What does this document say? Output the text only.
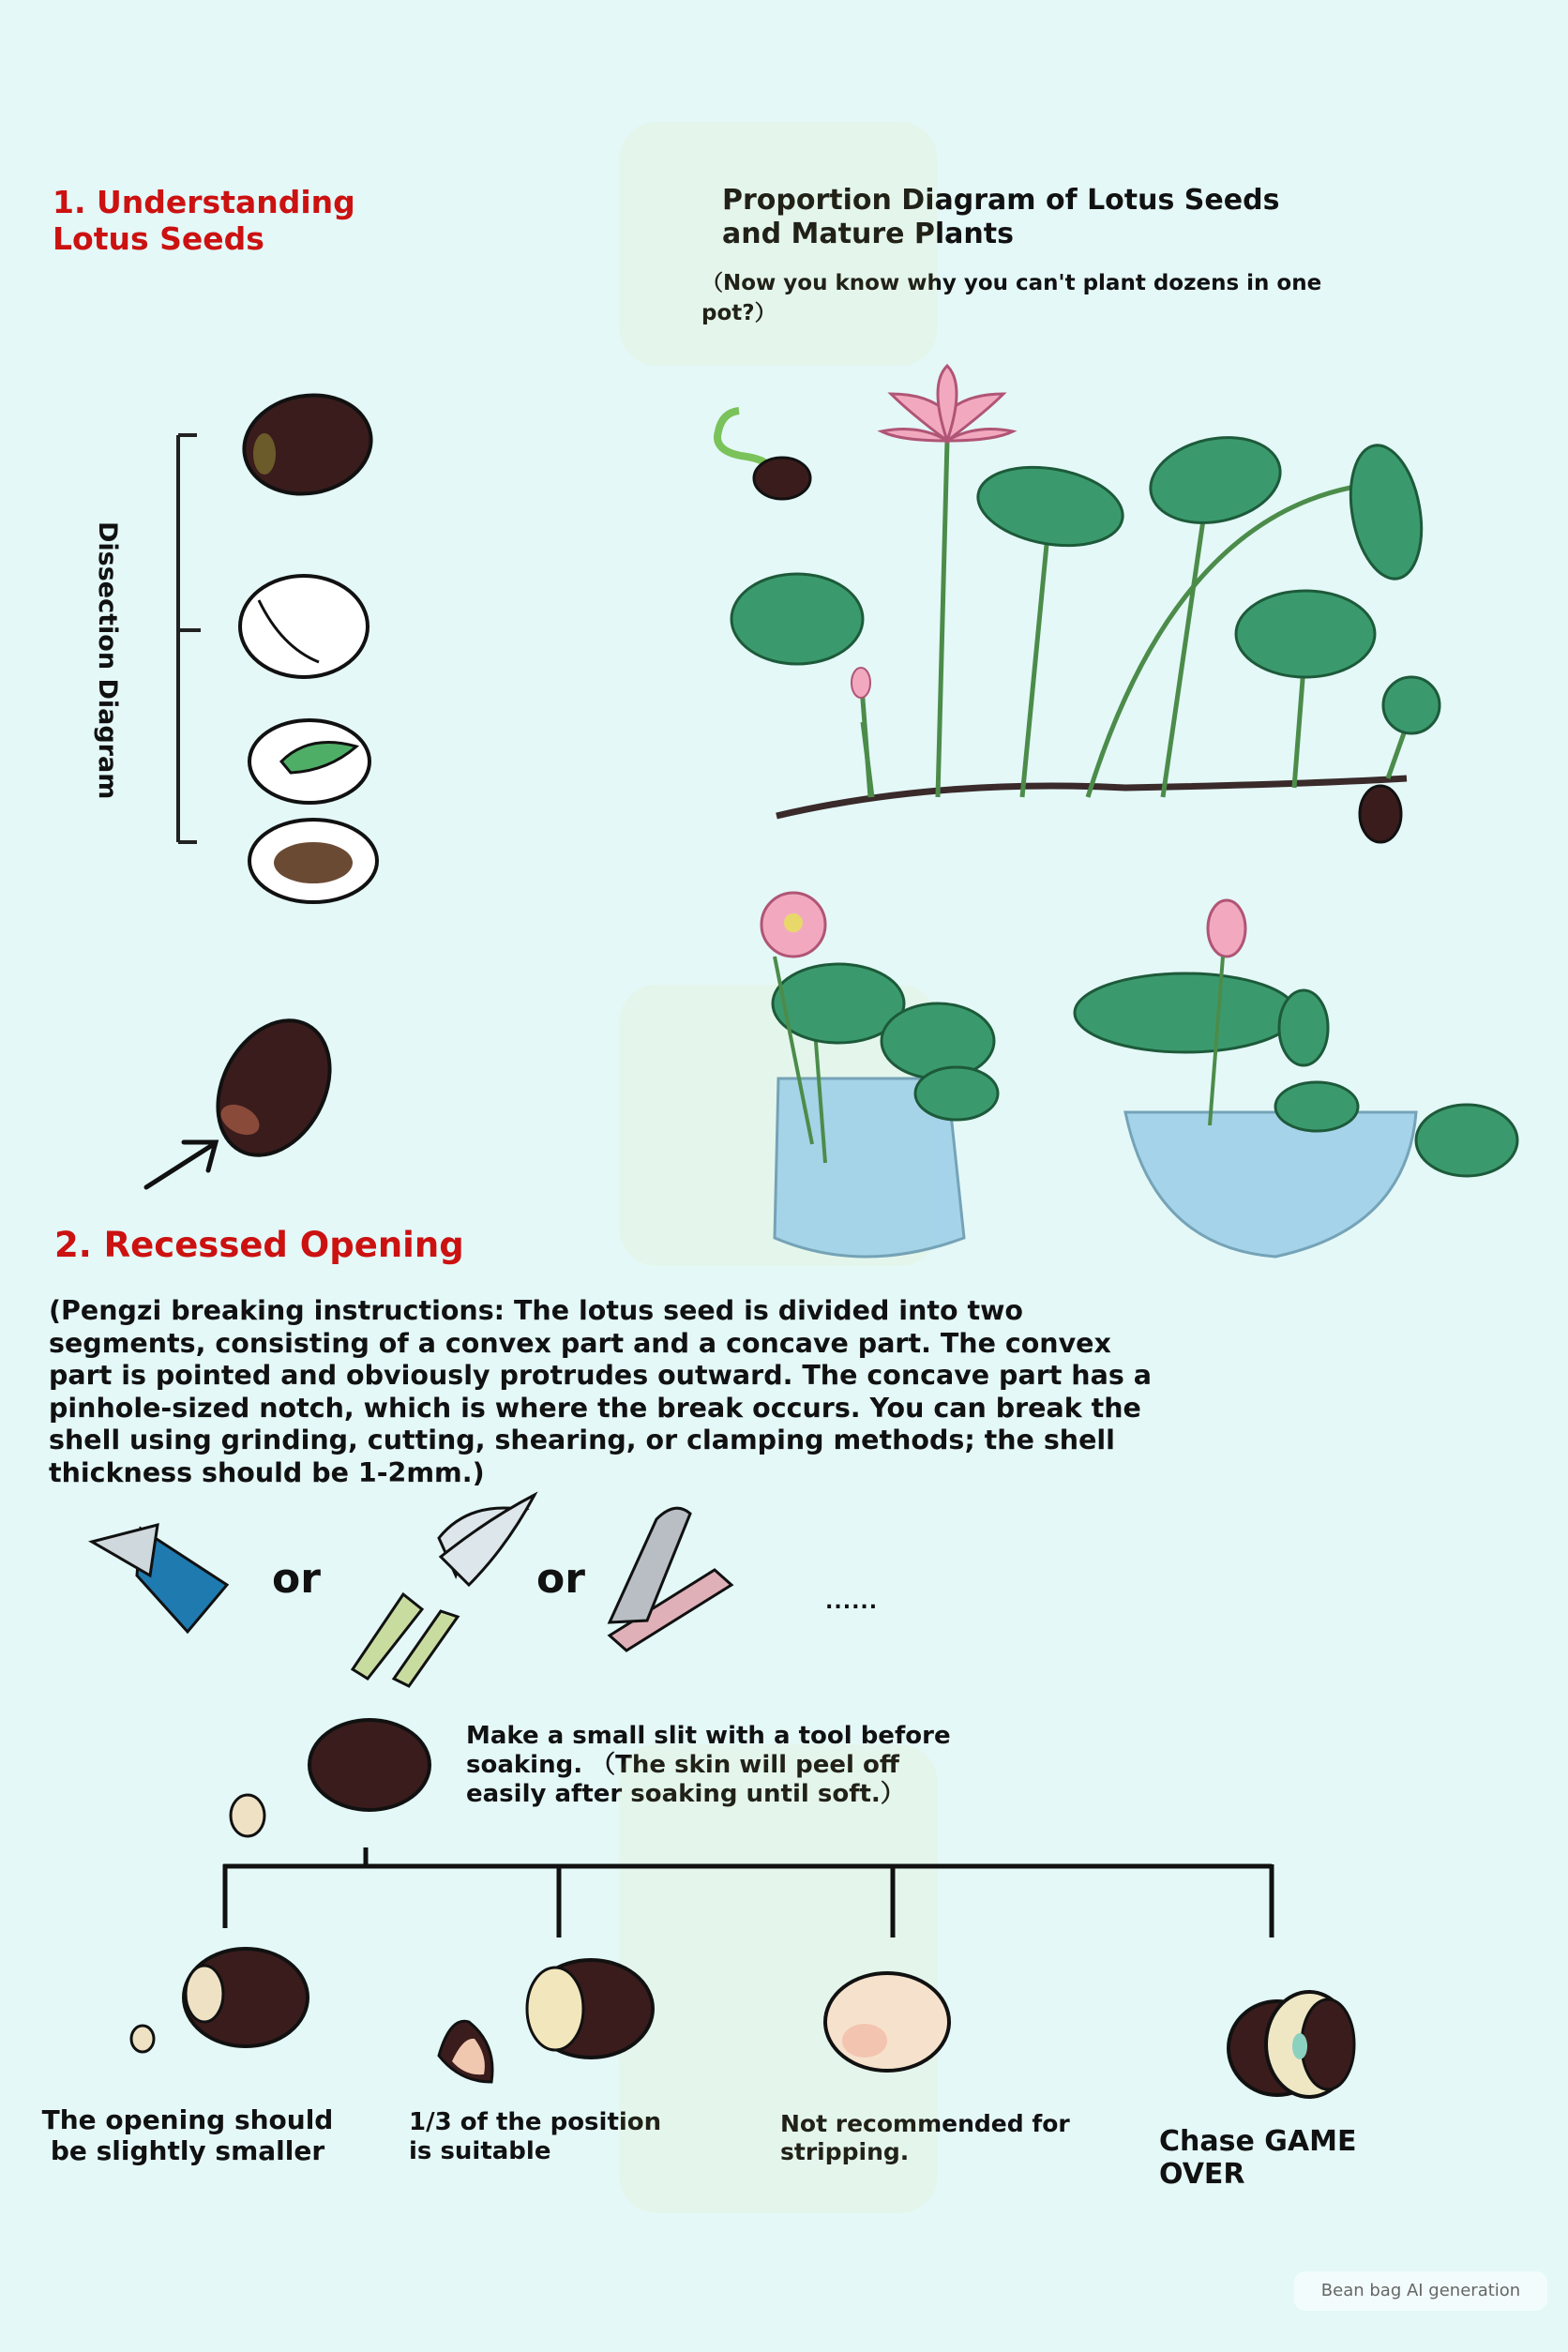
1. Understanding Lotus Seeds
Dissection Diagram
Proportion Diagram of Lotus Seeds and Mature Plants
（Now you know why you can't plant dozens in one pot?）
2. Recessed Opening
(Pengzi breaking instructions: The lotus seed is divided into two segments, consisting of a convex part and a concave part. The convex part is pointed and obviously protrudes outward. The concave part has a pinhole-sized notch, which is where the break occurs. You can break the shell using grinding, cutting, shearing, or clamping methods; the shell thickness should be 1-2mm.)
or	or	......
Make a small slit with a tool before soaking. （The skin will peel off easily after soaking until soft.）
The opening should be slightly smaller
1/3 of the position is suitable
Not recommended for stripping.	Chase GAME OVER
Bean bag AI generation
